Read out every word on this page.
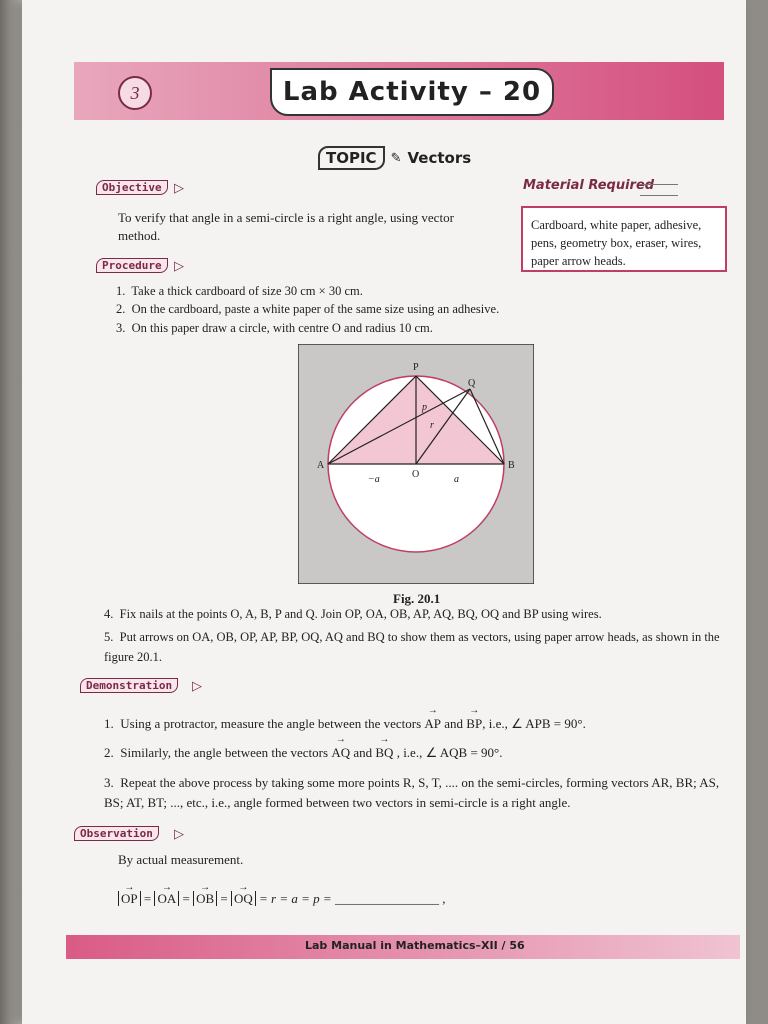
3	Lab Activity – 20
TOPIC	✎ Vectors
Objective ▷
To verify that angle in a semi-circle is a right angle, using vector method.
Material Required
Cardboard, white paper, adhesive, pens, geometry box, eraser, wires, paper arrow heads.
Procedure ▷
1. Take a thick cardboard of size 30 cm × 30 cm.
2. On the cardboard, paste a white paper of the same size using an adhesive.
3. On this paper draw a circle, with centre O and radius 10 cm.
P
Q
A	B
O
p
r
a
−a
Fig. 20.1
4. Fix nails at the points O, A, B, P and Q. Join OP, OA, OB, AP, AQ, BQ, OQ and BP using wires.
5. Put arrows on OA, OB, OP, AP, BP, OQ, AQ and BQ to show them as vectors, using paper arrow heads, as shown in the figure 20.1.
Demonstration ▷
1. Using a protractor, measure the angle between the vectors → AP and → BP, i.e., ∠ APB = 90°.
2. Similarly, the angle between the vectors → AQ and → BQ , i.e., ∠ AQB = 90°.
3. Repeat the above process by taking some more points R, S, T, .... on the semi-circles, forming vectors AR, BR; AS, BS; AT, BT; ..., etc., i.e., angle formed between two vectors in semi-circle is a right angle.
Observation ▷
By actual measurement.
→ OP = → OA = → OB = → OQ = r = a = p = ________________ ,
Lab Manual in Mathematics–XII / 56
